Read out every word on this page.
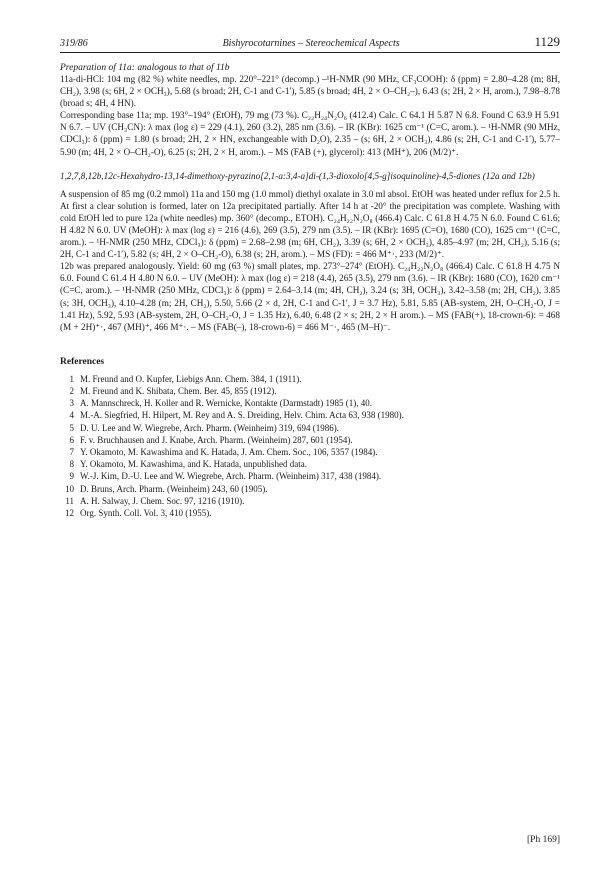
319/86	Bishyrocotarnines – Stereochemical Aspects	1129
Preparation of 11a: analogous to that of 11b

11a-di-HCl: 104 mg (82 %) white needles, mp. 220°–221° (decomp.) –¹H-NMR (90 MHz, CF₃COOH): δ (ppm) = 2.80–4.28 (m; 8H, CH₂), 3.98 (s; 6H, 2 × OCH₃), 5.68 (s broad; 2H, C-1 and C-1′), 5.85 (s broad; 4H, 2 × O–CH₂–), 6.43 (s; 2H, 2 × H, arom.), 7.98–8.78 (broad s; 4H, 4 HN).

Corresponding base 11a; mp. 193°–194° (EtOH), 79 mg (73 %). C₂₂H₂₄N₂O₆ (412.4) Calc. C 64.1 H 5.87 N 6.8. Found C 63.9 H 5.91 N 6.7. – UV (CH₃CN): λ max (log ε) = 229 (4.1), 260 (3.2), 285 nm (3.6). – IR (KBr): 1625 cm⁻¹ (C=C, arom.). – ¹H-NMR (90 MHz, CDCl₃): δ (ppm) = 1.80 (s broad; 2H, 2 × HN, exchangeable with D₂O), 2.35 – (s; 6H, 2 × OCH₃), 4.86 (s; 2H, C-1 and C-1′), 5.77–5.90 (m; 4H, 2 × O–CH₂-O), 6.25 (s; 2H, 2 × H, arom.). – MS (FAB (+), glycerol): 413 (MH⁺), 206 (M/2)⁺.

1,2,7,8,12b,12c-Hexahydro-13,14-dimethoxy-pyrazino[2,1-a:3,4-a]di-(1,3-dioxolo[4,5-g]isoquinoline)-4,5-diones (12a and 12b)

A suspension of 85 mg (0.2 mmol) 11a and 150 mg (1.0 mmol) diethyl oxalate in 3.0 ml absol. EtOH was heated under reflux for 2.5 h. At first a clear solution is formed, later on 12a precipitated partially. After 14 h at -20° the precipitation was complete. Washing with cold EtOH led to pure 12a (white needles) mp. 360° (decomp., ETOH). C₂₄H₂₂N₂O₈ (466.4) Calc. C 61.8 H 4.75 N 6.0. Found C 61.6; H 4.82 N 6.0. UV (MeOH): λ max (log ε) = 216 (4.6), 269 (3.5), 279 nm (3.5). – IR (KBr): 1695 (C=O), 1680 (CO), 1625 cm⁻¹ (C=C, arom.). – ¹H-NMR (250 MHz, CDCl₃): δ (ppm) = 2.68–2.98 (m; 6H, CH₂), 3.39 (s; 6H, 2 × OCH₃), 4.85–4.97 (m; 2H, CH₂), 5.16 (s; 2H, C-1 and C-1′), 5.82 (s; 4H, 2 × O–CH₂-O), 6.38 (s; 2H, arom.). – MS (FD): = 466 M⁺·, 233 (M/2)⁺.

12b was prepared analogously. Yield: 60 mg (63 %) small plates, mp. 273°–274° (EtOH). C₂₄H₂₂N₂O₈ (466.4) Calc. C 61.8 H 4.75 N 6.0. Found C 61.4 H 4.80 N 6.0. – UV (MeOH): λ max (log ε) = 218 (4.4), 265 (3.5), 279 nm (3.6). – IR (KBr): 1680 (CO), 1620 cm⁻¹ (C=C, arom.). – ¹H-NMR (250 MHz, CDCl₃): δ (ppm) = 2.64–3.14 (m; 4H, CH₂), 3.24 (s; 3H, OCH₃), 3.42–3.58 (m; 2H, CH₂), 3.85 (s; 3H, OCH₃), 4.10–4.28 (m; 2H, CH₂), 5.50, 5.66 (2 × d, 2H, C-1 and C-1′, J = 3.7 Hz), 5.81, 5.85 (AB-system, 2H, O–CH₂-O, J = 1.41 Hz), 5.92, 5.93 (AB-system, 2H, O–CH₂-O, J = 1.35 Hz), 6.40, 6.48 (2 × s; 2H, 2 × H arom.). – MS (FAB(+), 18-crown-6): = 468 (M + 2H)⁺·, 467 (MH)⁺, 466 M⁺·. – MS (FAB(–), 18-crown-6) = 466 M⁻·, 465 (M–H)⁻.

References
1 M. Freund and O. Kupfer, Liebigs Ann. Chem. 384, 1 (1911).
2 M. Freund and K. Shibata, Chem. Ber. 45, 855 (1912).
3 A. Mannschreck, H. Koller and R. Wernicke, Kontakte (Darmstadt) 1985 (1), 40.
4 M.-A. Siegfried, H. Hilpert, M. Rey and A. S. Dreiding, Helv. Chim. Acta 63, 938 (1980).
5 D. U. Lee and W. Wiegrebe, Arch. Pharm. (Weinheim) 319, 694 (1986).
6 F. v. Bruchhausen and J. Knabe, Arch. Pharm. (Weinheim) 287, 601 (1954).
7 Y. Okamoto, M. Kawashima and K. Hatada, J. Am. Chem. Soc., 106, 5357 (1984).
8 Y. Okamoto, M. Kawashima, and K. Hatada, unpublished data.
9 W.-J. Kim, D.-U. Lee and W. Wiegrebe, Arch. Pharm. (Weinheim) 317, 438 (1984).
10 D. Bruns, Arch. Pharm. (Weinheim) 243, 60 (1905).
11 A. H. Salway, J. Chem. Soc. 97, 1216 (1910).
12 Org. Synth. Coll. Vol. 3, 410 (1955).
[Ph 169]
